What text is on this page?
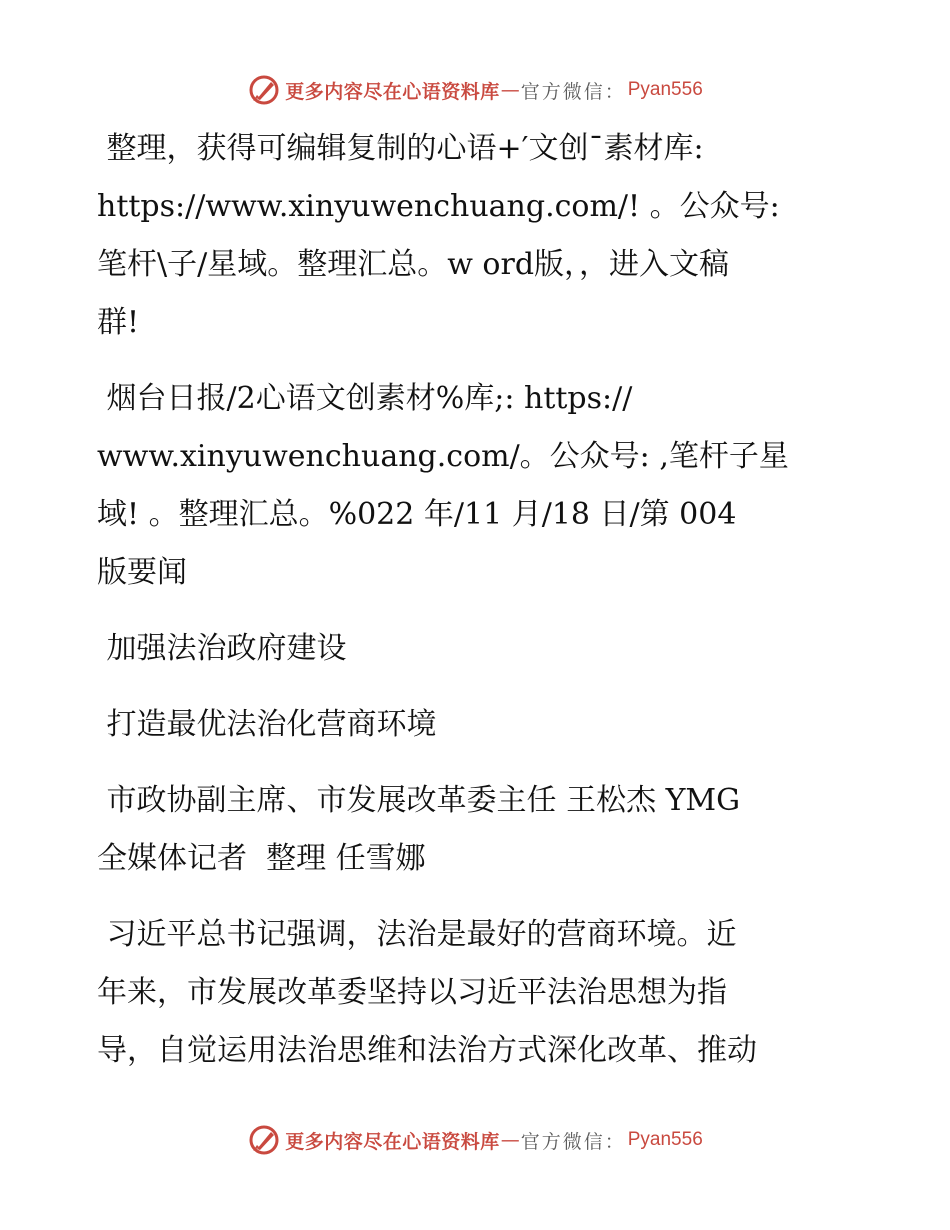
更多内容尽在心语资料库 — 官方微信： Pyan556
整理，获得可编辑复制的心语+′文创¯素材库:
https://www.xinyuwenchuang.com/! 。公众号:
笔杆\子/星域。整理汇总。w ord版，，进入文稿
群!
烟台日报/2心语文创素材%库;: https://
www.xinyuwenchuang.com/。公众号: ,笔杆子星
域! 。整理汇总。%022 年/11 月/18 日/第 004
版要闻
加强法治政府建设
打造最优法治化营商环境
市政协副主席、市发展改革委主任 王松杰 YMG
全媒体记者  整理 任雪娜
习近平总书记强调，法治是最好的营商环境。近
年来，市发展改革委坚持以习近平法治思想为指
导，自觉运用法治思维和法治方式深化改革、推动
更多内容尽在心语资料库 — 官方微信： Pyan556
